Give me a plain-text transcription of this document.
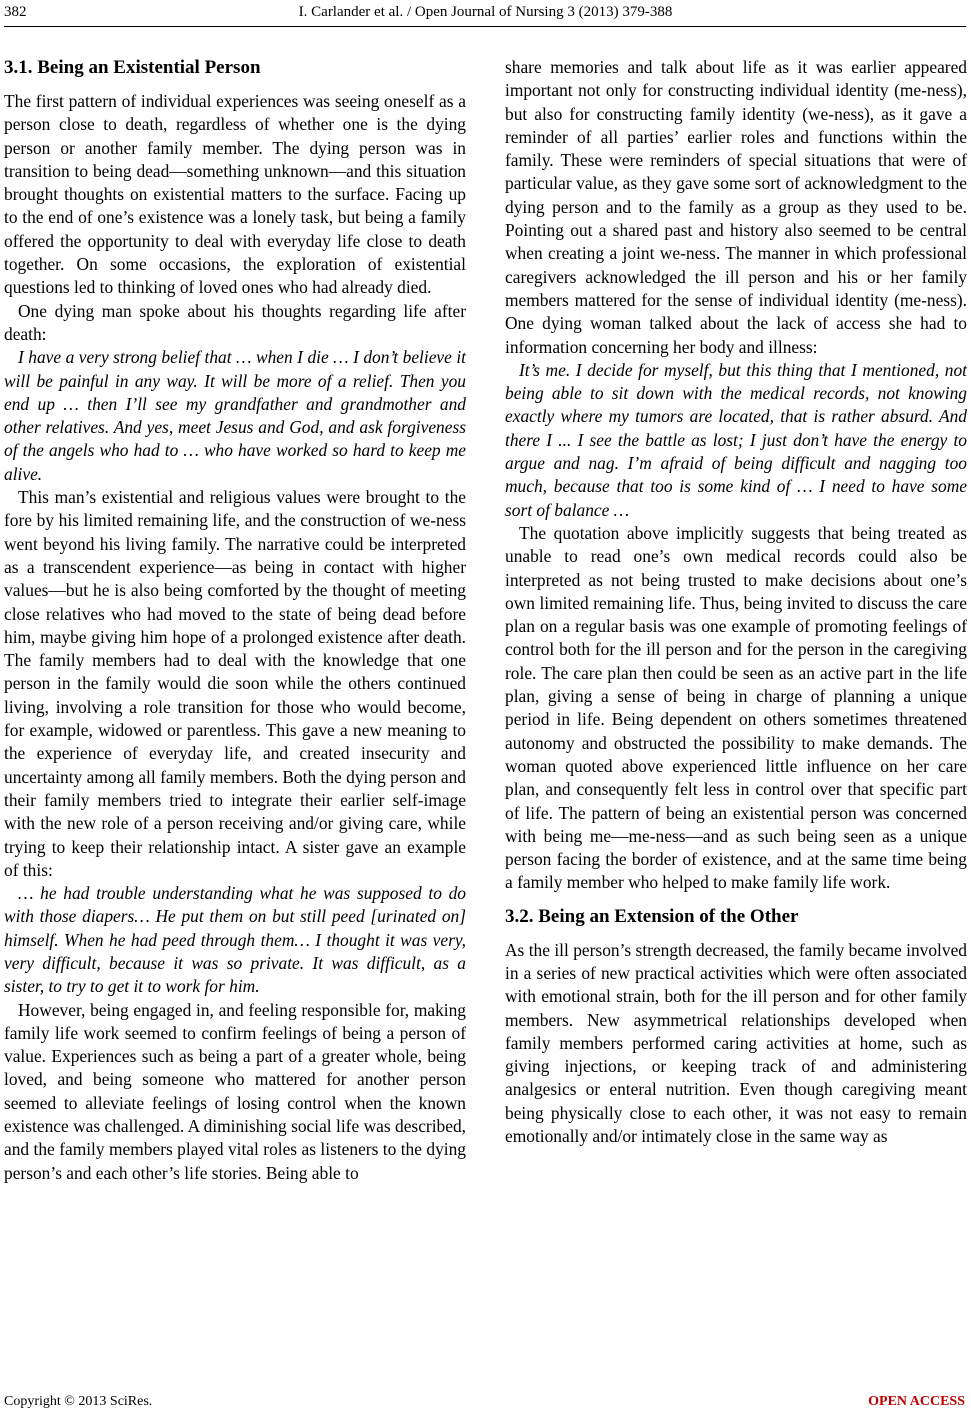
382	I. Carlander et al. / Open Journal of Nursing 3 (2013) 379-388
3.1. Being an Existential Person

The first pattern of individual experiences was seeing oneself as a person close to death, regardless of whether one is the dying person or another family member. The dying person was in transition to being dead—something unknown—and this situation brought thoughts on existential matters to the surface. Facing up to the end of one’s existence was a lonely task, but being a family offered the opportunity to deal with everyday life close to death together. On some occasions, the exploration of existential questions led to thinking of loved ones who had already died.

One dying man spoke about his thoughts regarding life after death:

I have a very strong belief that … when I die … I don’t believe it will be painful in any way. It will be more of a relief. Then you end up … then I’ll see my grandfather and grandmother and other relatives. And yes, meet Jesus and God, and ask forgiveness of the angels who had to … who have worked so hard to keep me alive.

This man’s existential and religious values were brought to the fore by his limited remaining life, and the construction of we-ness went beyond his living family. The narrative could be interpreted as a transcendent experience—as being in contact with higher values—but he is also being comforted by the thought of meeting close relatives who had moved to the state of being dead before him, maybe giving him hope of a prolonged existence after death. The family members had to deal with the knowledge that one person in the family would die soon while the others continued living, involving a role transition for those who would become, for example, widowed or parentless. This gave a new meaning to the experience of everyday life, and created insecurity and uncertainty among all family members. Both the dying person and their family members tried to integrate their earlier self-image with the new role of a person receiving and/or giving care, while trying to keep their relationship intact. A sister gave an example of this:

… he had trouble understanding what he was supposed to do with those diapers… He put them on but still peed [urinated on] himself. When he had peed through them… I thought it was very, very difficult, because it was so private. It was difficult, as a sister, to try to get it to work for him.

However, being engaged in, and feeling responsible for, making family life work seemed to confirm feelings of being a person of value. Experiences such as being a part of a greater whole, being loved, and being someone who mattered for another person seemed to alleviate feelings of losing control when the known existence was challenged. A diminishing social life was described, and the family members played vital roles as listeners to the dying person’s and each other’s life stories. Being able to

share memories and talk about life as it was earlier appeared important not only for constructing individual identity (me-ness), but also for constructing family identity (we-ness), as it gave a reminder of all parties’ earlier roles and functions within the family. These were reminders of special situations that were of particular value, as they gave some sort of acknowledgment to the dying person and to the family as a group as they used to be. Pointing out a shared past and history also seemed to be central when creating a joint we-ness. The manner in which professional caregivers acknowledged the ill person and his or her family members mattered for the sense of individual identity (me-ness). One dying woman talked about the lack of access she had to information concerning her body and illness:

It’s me. I decide for myself, but this thing that I mentioned, not being able to sit down with the medical records, not knowing exactly where my tumors are located, that is rather absurd. And there I ... I see the battle as lost; I just don’t have the energy to argue and nag. I’m afraid of being difficult and nagging too much, because that too is some kind of … I need to have some sort of balance …

The quotation above implicitly suggests that being treated as unable to read one’s own medical records could also be interpreted as not being trusted to make decisions about one’s own limited remaining life. Thus, being invited to discuss the care plan on a regular basis was one example of promoting feelings of control both for the ill person and for the person in the caregiving role. The care plan then could be seen as an active part in the life plan, giving a sense of being in charge of planning a unique period in life. Being dependent on others sometimes threatened autonomy and obstructed the possibility to make demands. The woman quoted above experienced little influence on her care plan, and consequently felt less in control over that specific part of life. The pattern of being an existential person was concerned with being me—me-ness—and as such being seen as a unique person facing the border of existence, and at the same time being a family member who helped to make family life work.

3.2. Being an Extension of the Other

As the ill person’s strength decreased, the family became involved in a series of new practical activities which were often associated with emotional strain, both for the ill person and for other family members. New asymmetrical relationships developed when family members performed caring activities at home, such as giving injections, or keeping track of and administering analgesics or enteral nutrition. Even though caregiving meant being physically close to each other, it was not easy to remain emotionally and/or intimately close in the same way as

Copyright © 2013 SciRes.	OPEN ACCESS
